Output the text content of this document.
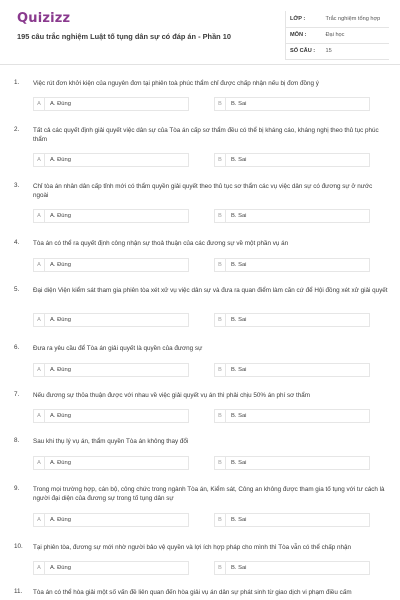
Quizizz
195 câu trắc nghiệm Luật tố tụng dân sự có đáp án - Phần 10
LỚP :	Trắc nghiệm tổng hợp
MÔN :	Đại học
SỐ CÂU :	15
1. Việc rút đơn khởi kiện của nguyên đơn tại phiên toà phúc thẩm chỉ được chấp nhận nếu bị đơn đồng ý
A	A. Đúng	B	B. Sai
2. Tất cả các quyết định giải quyết việc dân sự của Tòa án cấp sơ thẩm đều có thể bị kháng cáo, kháng nghị theo thủ tục phúc thẩm
A	A. Đúng	B	B. Sai
3. Chỉ tòa án nhân dân cấp tỉnh mới có thẩm quyền giải quyết theo thủ tục sơ thẩm các vụ việc dân sự có đương sự ở nước ngoài
A	A. Đúng	B	B. Sai
4. Tòa án có thể ra quyết định công nhận sự thoả thuận của các đương sự về một phần vụ án
A	A. Đúng	B	B. Sai
5. Đại diện Viện kiểm sát tham gia phiên tòa xét xử vụ việc dân sự và đưa ra quan điểm làm căn cứ để Hội đồng xét xử giải quyết
A	A. Đúng	B	B. Sai
6. Đưa ra yêu cầu để Tòa án giải quyết là quyền của đương sự
A	A. Đúng	B	B. Sai
7. Nếu đương sự thỏa thuận được với nhau về việc giải quyết vụ án thì phải chịu 50% án phí sơ thẩm
A	A. Đúng	B	B. Sai
8. Sau khi thụ lý vụ án, thẩm quyền Tòa án không thay đổi
A	A. Đúng	B	B. Sai
9. Trong mọi trường hợp, cán bộ, công chức trong ngành Tòa án, Kiểm sát, Công an không được tham gia tố tụng với tư cách là người đại diện của đương sự trong tố tụng dân sự
A	A. Đúng	B	B. Sai
10. Tại phiên tòa, đương sự mới nhờ người bảo vệ quyền và lợi ích hợp pháp cho mình thì Tòa vẫn có thể chấp nhận
A	A. Đúng	B	B. Sai
11. Tòa án có thể hòa giải một số vấn đề liên quan đến hòa giải vụ án dân sự phát sinh từ giao dịch vi phạm điều cấm
